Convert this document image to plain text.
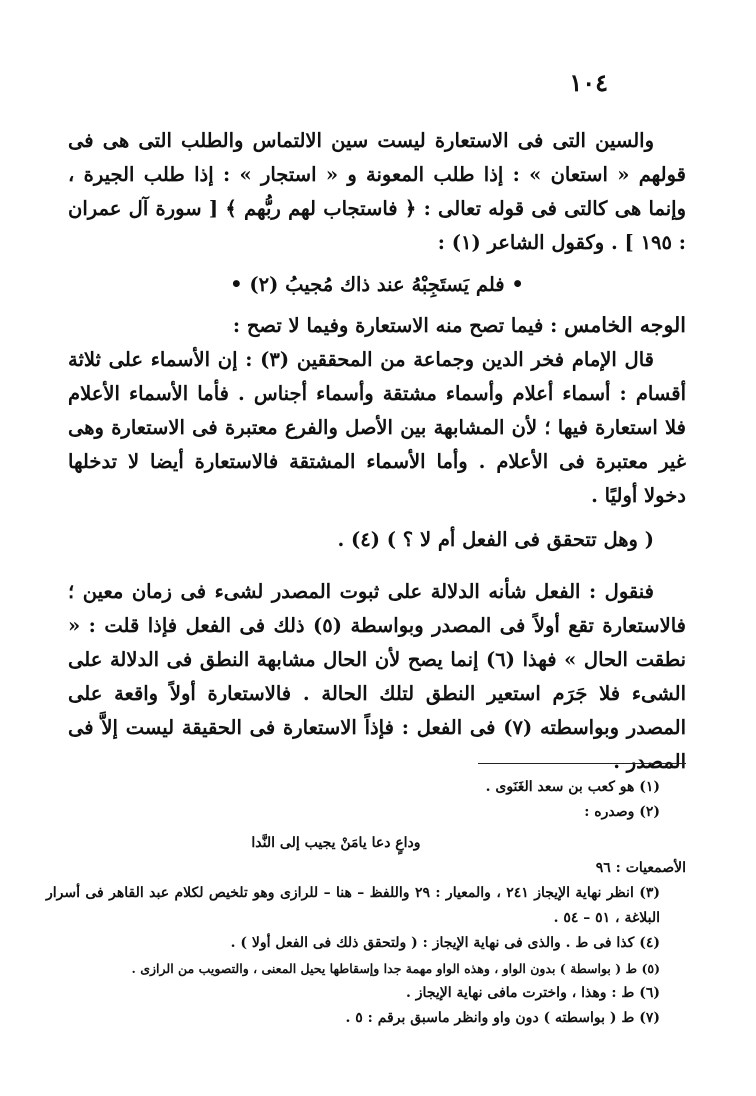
١٠٤

والسين التى فى الاستعارة ليست سين الالتماس والطلب التى هى فى قولهم « استعان » : إذا طلب المعونة و « استجار » : إذا طلب الجيرة ، وإنما هى كالتى فى قوله تعالى : ﴿ فاستجاب لهم ربُّهم ﴾ [ سورة آل عمران : ١٩٥ ] . وكقول الشاعر (١) :

• فلم يَستَجِبْهُ عند ذاك مُجيبُ (٢) •

الوجه الخامس : فيما تصح منه الاستعارة وفيما لا تصح :

قال الإمام فخر الدين وجماعة من المحققين (٣) : إن الأسماء على ثلاثة أقسام : أسماء أعلام وأسماء مشتقة وأسماء أجناس . فأما الأسماء الأعلام فلا استعارة فيها ؛ لأن المشابهة بين الأصل والفرع معتبرة فى الاستعارة وهى غير معتبرة فى الأعلام . وأما الأسماء المشتقة فالاستعارة أيضا لا تدخلها دخولا أوليًا .

( وهل تتحقق فى الفعل أم لا ؟ ) (٤) .

فنقول : الفعل شأنه الدلالة على ثبوت المصدر لشىء فى زمان معين ؛ فالاستعارة تقع أولاً فى المصدر وبواسطة (٥) ذلك فى الفعل فإذا قلت : « نطقت الحال » فهذا (٦) إنما يصح لأن الحال مشابهة النطق فى الدلالة على الشىء فلا جَرَم استعير النطق لتلك الحالة . فالاستعارة أولاً واقعة على المصدر وبواسطته (٧) فى الفعل : فإذاً الاستعارة فى الحقيقة ليست إلاَّ فى المصدر .

(١) هو كعب بن سعد الغَنَوى .

(٢) وصدره :

وداعٍ دعا يامَنْ يجيب إلى النَّدا

الأصمعيات : ٩٦

(٣) انظر نهاية الإيجاز ٢٤١ ، والمعيار : ٢٩ واللفظ – هنا – للرازى وهو تلخيص لكلام عبد القاهر فى أسرار البلاغة ، ٥١ – ٥٤ .

(٤) كذا فى ط . والذى فى نهاية الإيجاز : ( ولتحقق ذلك فى الفعل أولا ) .

(٥) ط ( بواسطة ) بدون الواو ، وهذه الواو مهمة جدا وإسقاطها يحيل المعنى ، والتصويب من الرازى .

(٦) ط : وهذا ، واخترت مافى نهاية الإيجاز .

(٧) ط ( بواسطته ) دون واو وانظر ماسبق برقم : ٥ .
